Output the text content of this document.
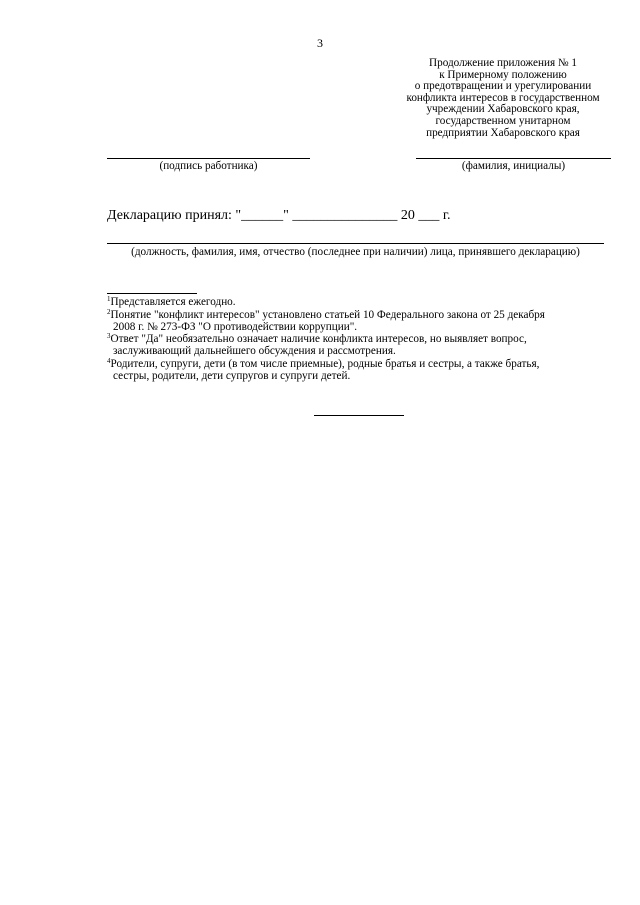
3
Продолжение приложения № 1
к Примерному положению
о предотвращении и урегулировании
конфликта интересов в государственном
учреждении Хабаровского края,
государственном унитарном
предприятии Хабаровского края
(подпись работника)	(фамилия, инициалы)
Декларацию принял: "______" _______________ 20 ___ г.
(должность, фамилия, имя, отчество (последнее при наличии) лица, принявшего декларацию)
$^1$Представляется ежегодно.
$^2$Понятие "конфликт интересов" установлено статьей 10 Федерального закона от 25 декабря
2008 г. № 273-ФЗ "О противодействии коррупции".
$^3$Ответ "Да" необязательно означает наличие конфликта интересов, но выявляет вопрос,
заслуживающий дальнейшего обсуждения и рассмотрения.
$^4$Родители, супруги, дети (в том числе приемные), родные братья и сестры, а также братья,
сестры, родители, дети супругов и супруги детей.
